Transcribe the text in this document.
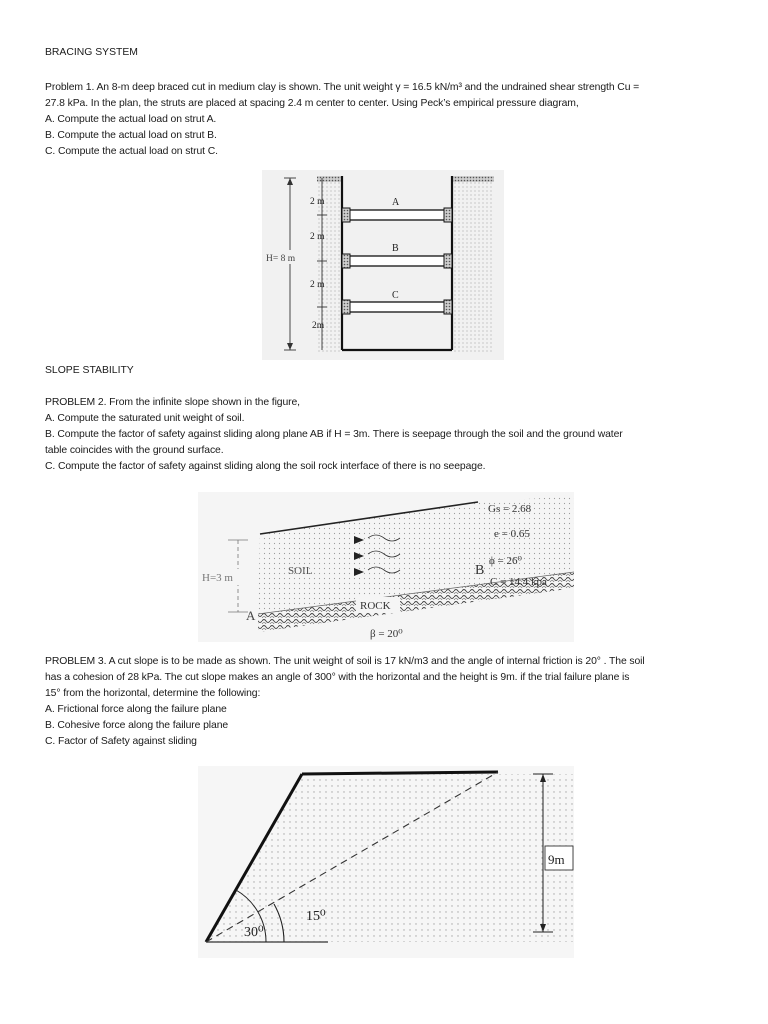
BRACING SYSTEM
Problem 1. An 8-m deep braced cut in medium clay is shown. The unit weight γ = 16.5 kN/m³ and the undrained shear strength Cu =
27.8 kPa. In the plan, the struts are placed at spacing 2.4 m center to center. Using Peck’s empirical pressure diagram,
A. Compute the actual load on strut A.
B. Compute the actual load on strut B.
C. Compute the actual load on strut C.
A
B
C
H= 8 m
2 m
2 m
2 m
2m
SLOPE STABILITY
PROBLEM 2. From the infinite slope shown in the figure,
A. Compute the saturated unit weight of soil.
B. Compute the factor of safety against sliding along plane AB if H = 3m. There is seepage through the soil and the ground water
table coincides with the ground surface.
C. Compute the factor of safety against sliding along the soil rock interface of there is no seepage.
H=3 m
SOIL
ROCK
A
B
β = 20⁰
Gs = 2.68
e = 0.65
ϕ = 26⁰
C = 14.4 kpa
PROBLEM 3. A cut slope is to be made as shown. The unit weight of soil is 17 kN/m3 and the angle of internal friction is 20° . The soil
has a cohesion of 28 kPa. The cut slope makes an angle of 300° with the horizontal and the height is 9m. if the trial failure plane is
15° from the horizontal, determine the following:
A. Frictional force along the failure plane
B. Cohesive force along the failure plane
C. Factor of Safety against sliding
9m
30⁰
15⁰
